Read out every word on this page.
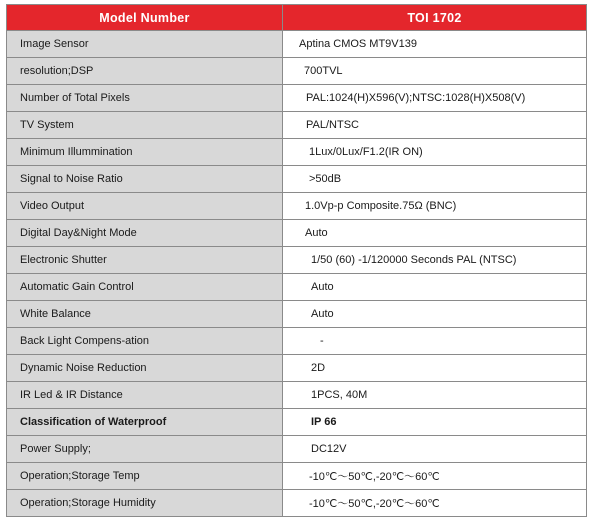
Model Number	TOI 1702
Image Sensor	Aptina CMOS MT9V139
resolution;DSP	700TVL
Number of Total Pixels	PAL:1024(H)X596(V);NTSC:1028(H)X508(V)
TV System	PAL/NTSC
Minimum Illummination	1Lux/0Lux/F1.2(IR ON)
Signal to Noise Ratio	>50dB
Video Output	1.0Vp-p Composite.75Ω (BNC)
Digital Day&Night Mode	Auto
Electronic Shutter	1/50 (60) -1/120000 Seconds PAL (NTSC)
Automatic Gain Control	Auto
White Balance	Auto
Back Light Compens-ation	-
Dynamic Noise Reduction	2D
IR Led & IR Distance	1PCS, 40M
Classification of Waterproof	IP 66
Power Supply;	DC12V
Operation;Storage Temp	-10℃～50℃,-20℃～60℃
Operation;Storage Humidity	-10℃～50℃,-20℃～60℃
